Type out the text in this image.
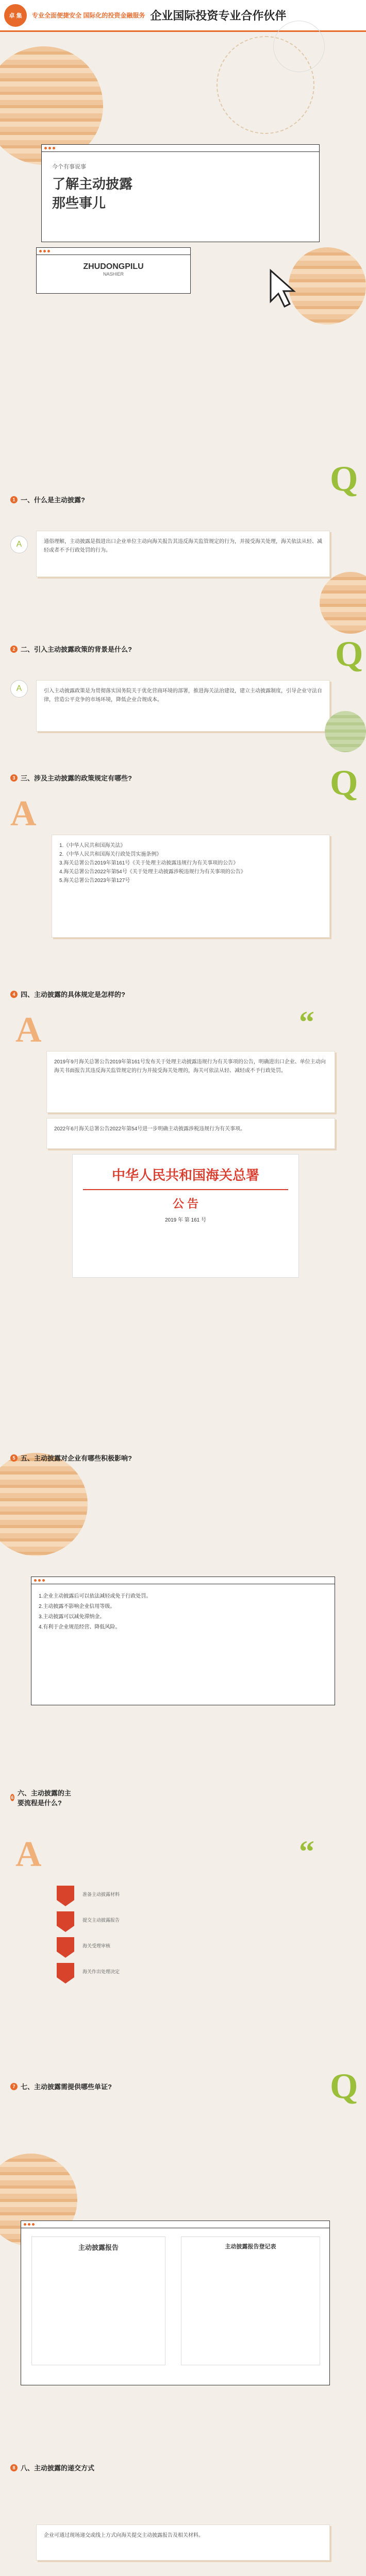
卓 集	专业全面便捷安全 国际化的投资金融服务 企业国际投资专业合作伙伴
今个有事说事
了解主动披露
那些事儿
ZHUDONGPILU
NASHIER
Q
1 一、什么是主动披露?
A	通俗理解，主动披露是指进出口企业单位主动向海关报告其违反海关监管规定的行为，并接受海关处理，海关依法从轻、减轻或者不予行政处罚的行为。
2 二、引入主动披露政策的背景是什么?	Q
A	引入主动披露政策是为贯彻落实国务院关于优化营商环境的部署，推进海关法治建设，建立主动披露制度，引导企业守法自律，营造公平竞争的市场环境，降低企业合规成本。
3 三、涉及主动披露的政策规定有哪些?
A
Q
1.《中华人民共和国海关法》
2.《中华人民共和国海关行政处罚实施条例》
3.海关总署公告2019年第161号《关于处理主动披露违规行为有关事项的公告》
4.海关总署公告2022年第54号《关于处理主动披露涉税违规行为有关事项的公告》
5.海关总署公告2023年第127号
4 四、主动披露的具体规定是怎样的?
A	“
2019年9月海关总署公告2019年第161号发布关于处理主动披露违规行为有关事项的公告，明确进出口企业、单位主动向海关书面报告其违反海关监管规定的行为并接受海关处理的，海关可依法从轻、减轻或不予行政处罚。
2022年6月海关总署公告2022年第54号进一步明确主动披露涉税违规行为有关事项。
中华人民共和国海关总署
公 告
2019 年 第 161 号
5 五、主动披露对企业有哪些积极影响?
1.企业主动披露后可以依法减轻或免于行政处罚。
2.主动披露不影响企业信用等级。
3.主动披露可以减免滞纳金。
4.有利于企业规范经营、降低风险。
6
六、主动披露的主要流程是什么?
A	“
准备主动披露材料
提交主动披露报告
海关受理审核
海关作出处理决定
7 七、主动披露需提供哪些单证?	Q
主动披露报告	主动披露报告登记表
8 八、主动披露的递交方式
企业可通过现场递交或线上方式向海关提交主动披露报告及相关材料。
